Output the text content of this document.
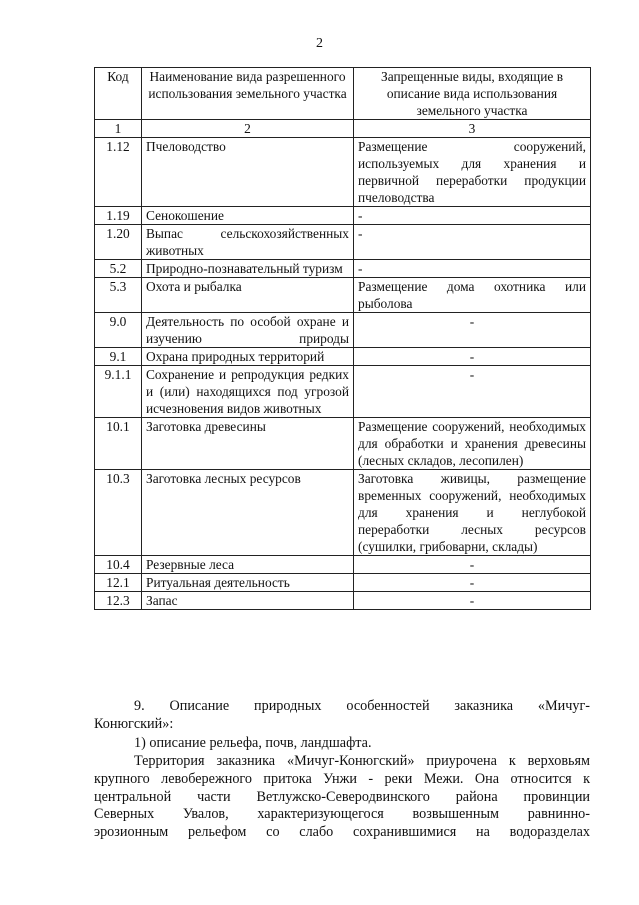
2
Код	Наименование вида разрешенного использования земельного участка	Запрещенные виды, входящие в описание вида использования земельного участка
1	2	3
1.12	Пчеловодство	Размещение сооружений, используемых для хранения и первичной переработки продукции пчеловодства
1.19	Сенокошение	-
1.20	Выпас сельскохозяйственных животных	-
5.2	Природно-познавательный туризм	-
5.3	Охота и рыбалка	Размещение дома охотника или рыболова
9.0	Деятельность по особой охране и изучению природы	-
9.1	Охрана природных территорий	-
9.1.1	Сохранение и репродукция редких и (или) находящихся под угрозой исчезновения видов животных	-
10.1	Заготовка древесины	Размещение сооружений, необходимых для обработки и хранения древесины (лесных складов, лесопилен)
10.3	Заготовка лесных ресурсов	Заготовка живицы, размещение временных сооружений, необходимых для хранения и неглубокой переработки лесных ресурсов (сушилки, грибоварни, склады)
10.4	Резервные леса	-
12.1	Ритуальная деятельность	-
12.3	Запас	-
9. Описание природных особенностей заказника «Мичуг-
Конюгский»:
1) описание рельефа, почв, ландшафта.
Территория заказника «Мичуг-Конюгский» приурочена к верховьям
крупного левобережного притока Унжи - реки Межи. Она относится к
центральной части Ветлужско-Северодвинского района провинции
Северных Увалов, характеризующегося возвышенным равнинно-
эрозионным рельефом со слабо сохранившимися на водоразделах
